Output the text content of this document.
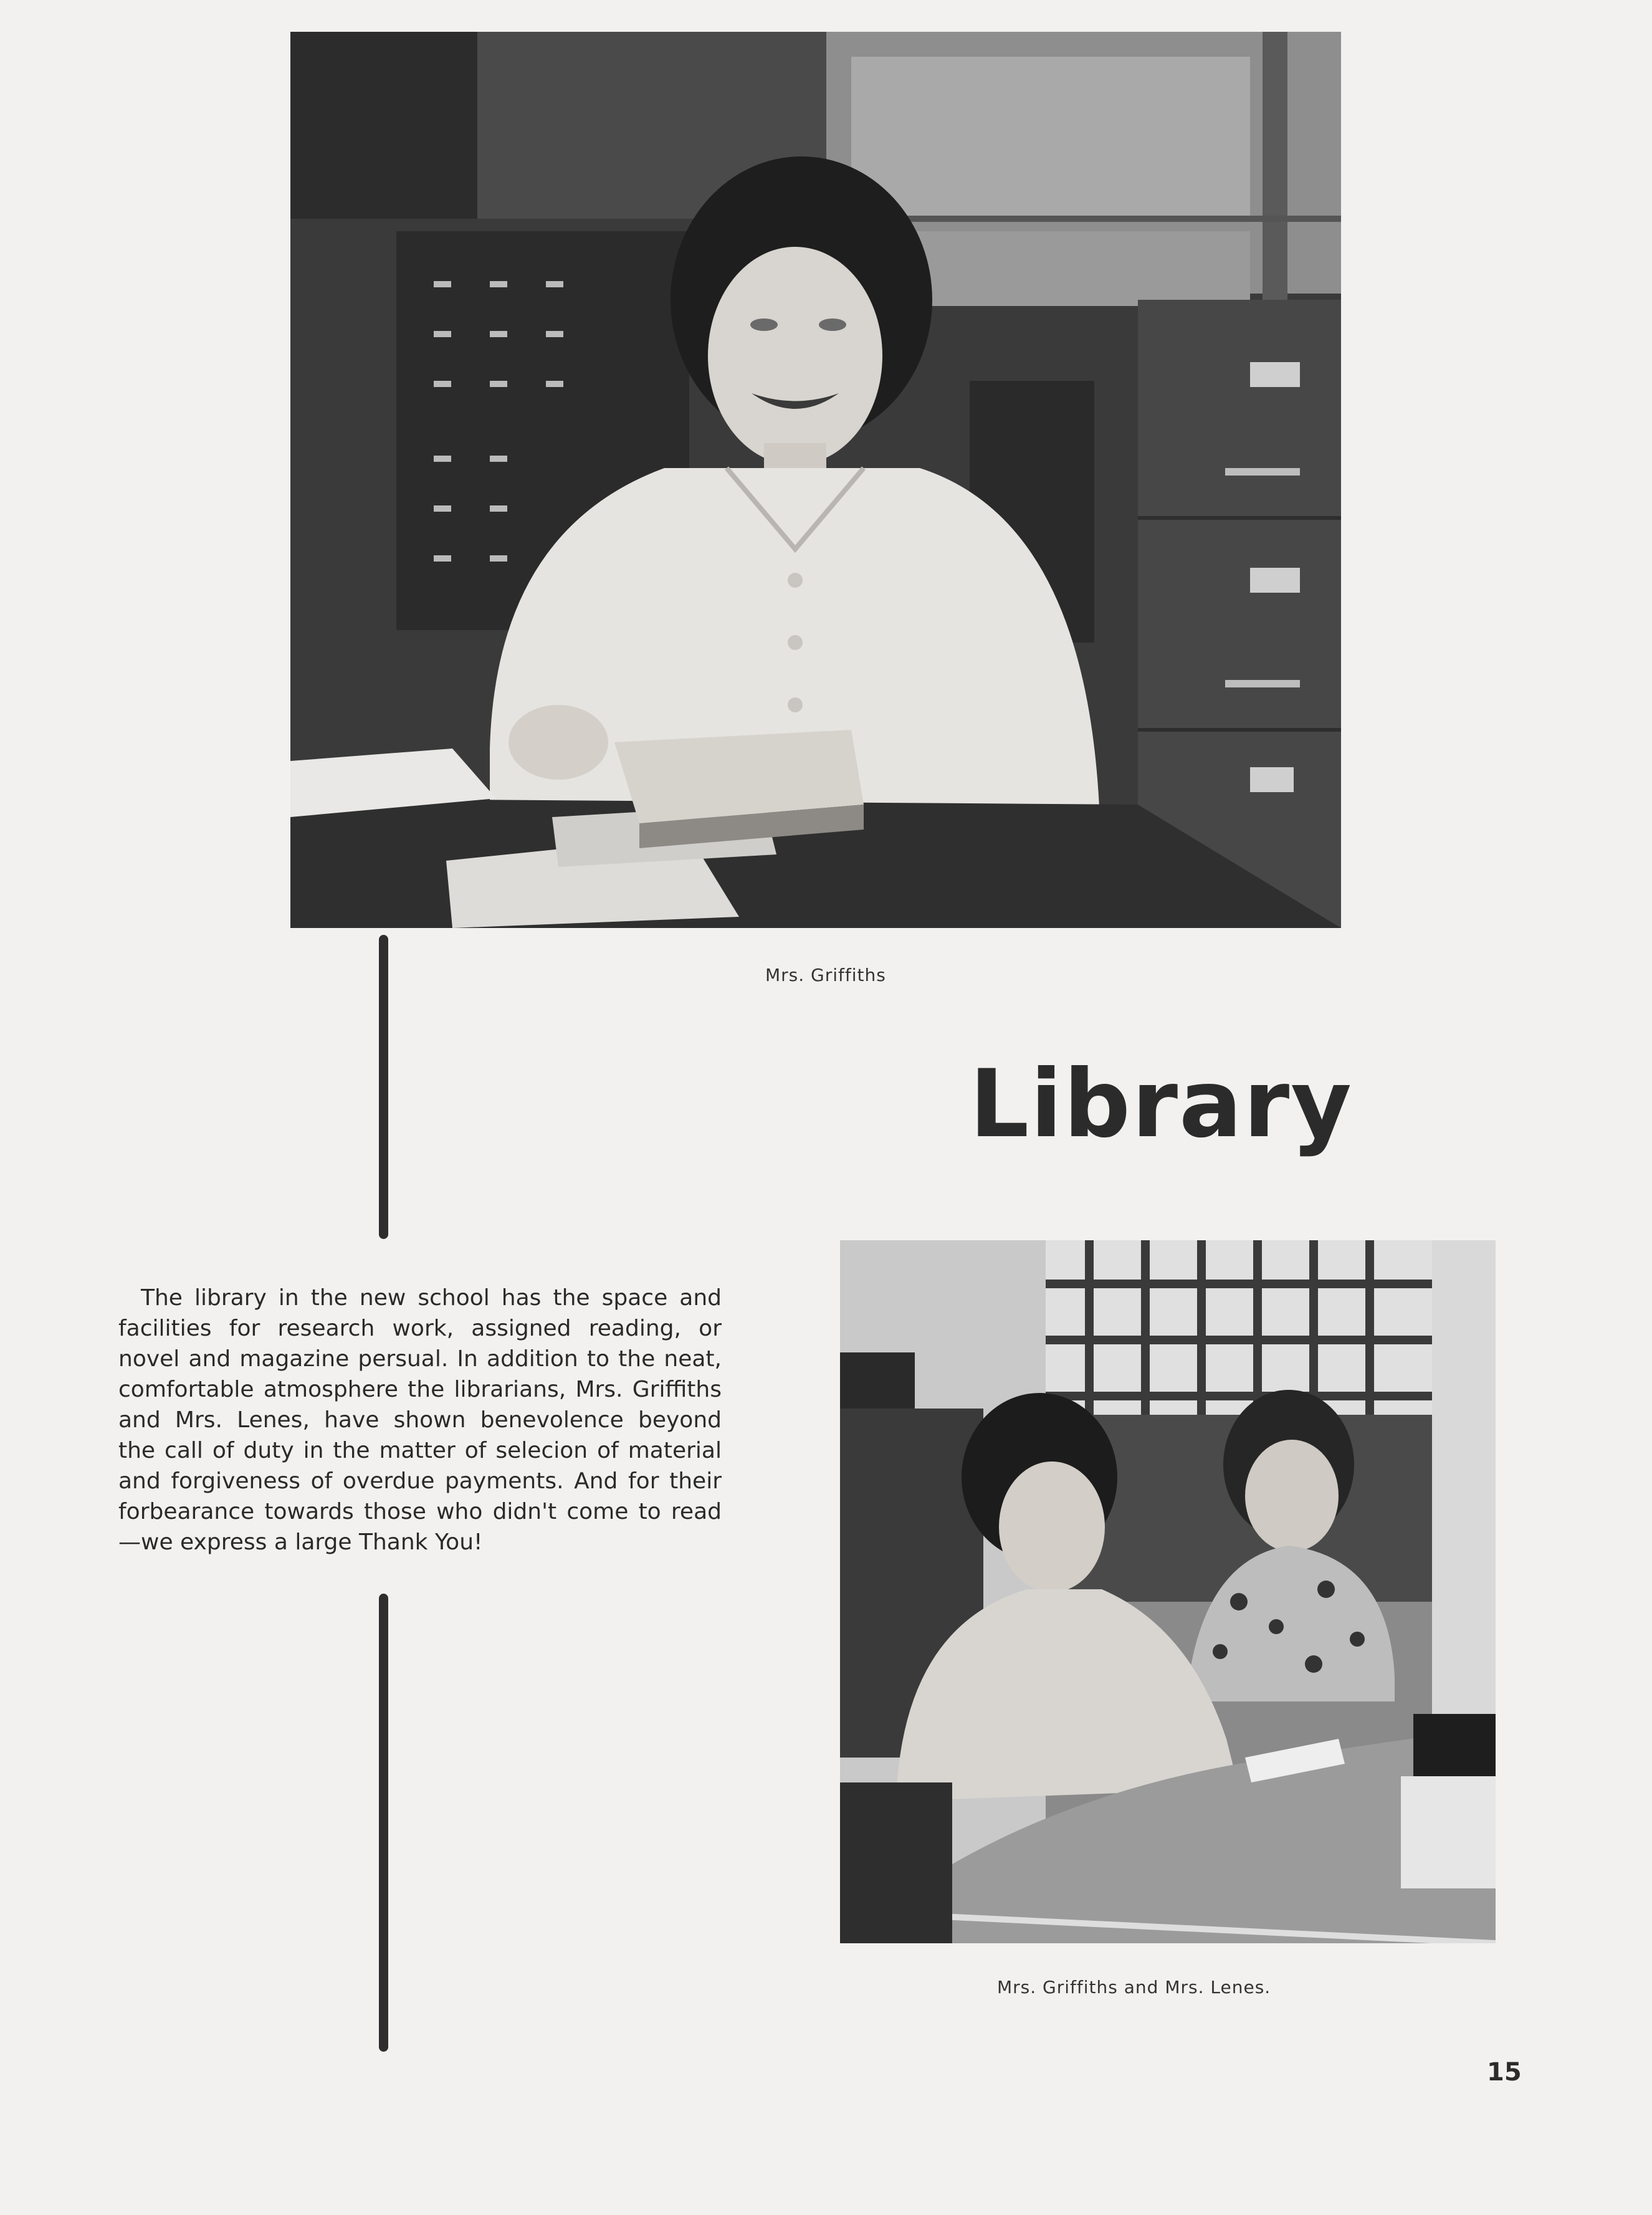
Mrs. Griffiths
Library

The library in the new school has the space and facilities for research work, assigned reading, or novel and magazine persual. In addition to the neat, comfortable atmosphere the librarians, Mrs. Griffiths and Mrs. Lenes, have shown benevolence beyond the call of duty in the matter of selecion of material and forgiveness of overdue payments. And for their forbearance towards those who didn't come to read—we express a large Thank You!

Mrs. Griffiths and Mrs. Lenes.
15
